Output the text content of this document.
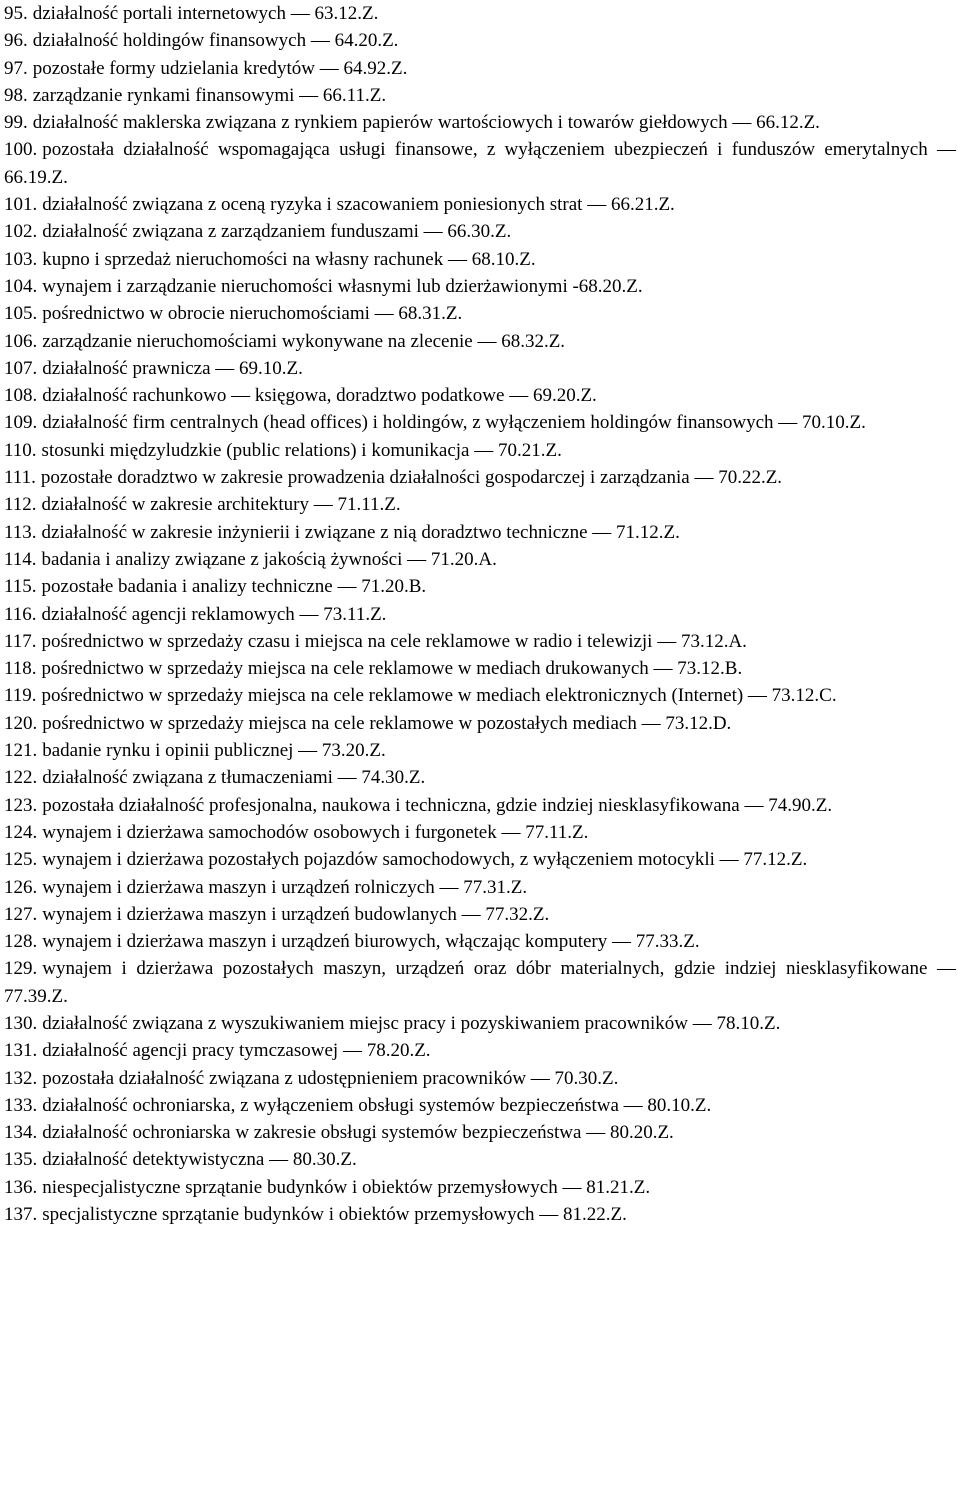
95. działalność portali internetowych — 63.12.Z.

96. działalność holdingów finansowych — 64.20.Z.

97. pozostałe formy udzielania kredytów — 64.92.Z.

98. zarządzanie rynkami finansowymi — 66.11.Z.

99. działalność maklerska związana z rynkiem papierów wartościowych i towarów giełdowych — 66.12.Z.

100. pozostała działalność wspomagająca usługi finansowe, z wyłączeniem ubezpieczeń i funduszów emerytalnych — 66.19.Z.

101. działalność związana z oceną ryzyka i szacowaniem poniesionych strat — 66.21.Z.

102. działalność związana z zarządzaniem funduszami — 66.30.Z.

103. kupno i sprzedaż nieruchomości na własny rachunek — 68.10.Z.

104. wynajem i zarządzanie nieruchomości własnymi lub dzierżawionymi -68.20.Z.

105. pośrednictwo w obrocie nieruchomościami — 68.31.Z.

106. zarządzanie nieruchomościami wykonywane na zlecenie — 68.32.Z.

107. działalność prawnicza — 69.10.Z.

108. działalność rachunkowo — księgowa, doradztwo podatkowe — 69.20.Z.

109. działalność firm centralnych (head offices) i holdingów, z wyłączeniem holdingów finansowych — 70.10.Z.

110. stosunki międzyludzkie (public relations) i komunikacja — 70.21.Z.

111. pozostałe doradztwo w zakresie prowadzenia działalności gospodarczej i zarządzania — 70.22.Z.

112. działalność w zakresie architektury — 71.11.Z.

113. działalność w zakresie inżynierii i związane z nią doradztwo techniczne — 71.12.Z.

114. badania i analizy związane z jakością żywności — 71.20.A.

115. pozostałe badania i analizy techniczne — 71.20.B.

116. działalność agencji reklamowych — 73.11.Z.

117. pośrednictwo w sprzedaży czasu i miejsca na cele reklamowe w radio i telewizji — 73.12.A.

118. pośrednictwo w sprzedaży miejsca na cele reklamowe w mediach drukowanych — 73.12.B.

119. pośrednictwo w sprzedaży miejsca na cele reklamowe w mediach elektronicznych (Internet) — 73.12.C.

120. pośrednictwo w sprzedaży miejsca na cele reklamowe w pozostałych mediach — 73.12.D.

121. badanie rynku i opinii publicznej — 73.20.Z.

122. działalność związana z tłumaczeniami — 74.30.Z.

123. pozostała działalność profesjonalna, naukowa i techniczna, gdzie indziej niesklasyfikowana — 74.90.Z.

124. wynajem i dzierżawa samochodów osobowych i furgonetek — 77.11.Z.

125. wynajem i dzierżawa pozostałych pojazdów samochodowych, z wyłączeniem motocykli — 77.12.Z.

126. wynajem i dzierżawa maszyn i urządzeń rolniczych — 77.31.Z.

127. wynajem i dzierżawa maszyn i urządzeń budowlanych — 77.32.Z.

128. wynajem i dzierżawa maszyn i urządzeń biurowych, włączając komputery — 77.33.Z.

129. wynajem i dzierżawa pozostałych maszyn, urządzeń oraz dóbr materialnych, gdzie indziej niesklasyfikowane — 77.39.Z.

130. działalność związana z wyszukiwaniem miejsc pracy i pozyskiwaniem pracowników — 78.10.Z.

131. działalność agencji pracy tymczasowej — 78.20.Z.

132. pozostała działalność związana z udostępnieniem pracowników — 70.30.Z.

133. działalność ochroniarska, z wyłączeniem obsługi systemów bezpieczeństwa — 80.10.Z.

134. działalność ochroniarska w zakresie obsługi systemów bezpieczeństwa — 80.20.Z.

135. działalność detektywistyczna — 80.30.Z.

136. niespecjalistyczne sprzątanie budynków i obiektów przemysłowych — 81.21.Z.

137. specjalistyczne sprzątanie budynków i obiektów przemysłowych — 81.22.Z.
